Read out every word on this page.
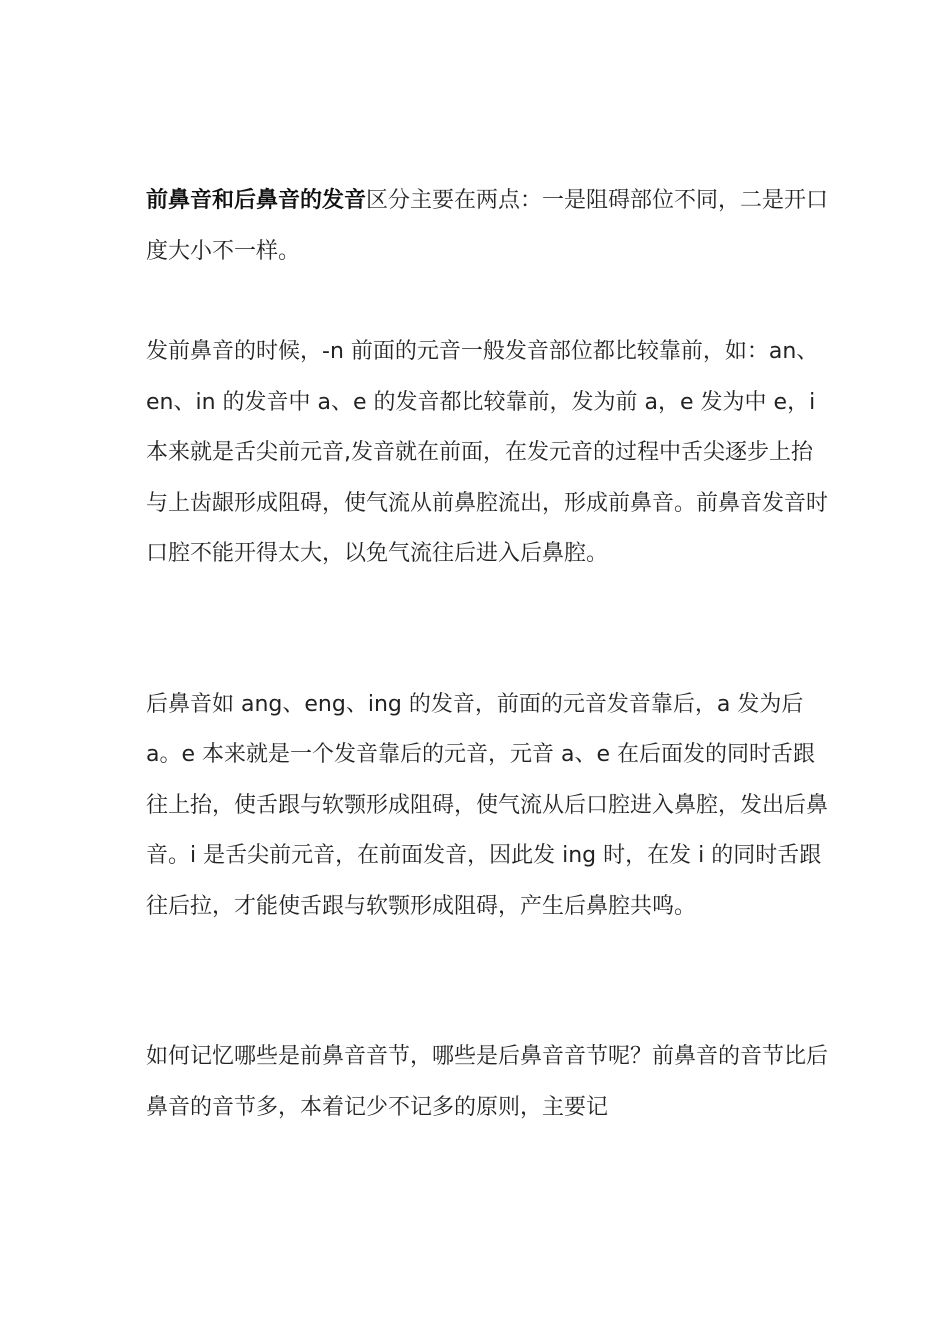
前鼻音和后鼻音的发音区分主要在两点：一是阻碍部位不同，二是开口度大小不一样。

发前鼻音的时候，-n 前面的元音一般发音部位都比较靠前，如：an、en、in 的发音中 a、e 的发音都比较靠前，发为前 a，e 发为中 e，i 本来就是舌尖前元音,发音就在前面，在发元音的过程中舌尖逐步上抬与上齿龈形成阻碍，使气流从前鼻腔流出，形成前鼻音。前鼻音发音时口腔不能开得太大，以免气流往后进入后鼻腔。

后鼻音如 ang、eng、ing 的发音，前面的元音发音靠后，a 发为后 a。e 本来就是一个发音靠后的元音，元音 a、e 在后面发的同时舌跟往上抬，使舌跟与软颚形成阻碍，使气流从后口腔进入鼻腔，发出后鼻音。i 是舌尖前元音，在前面发音，因此发 ing 时，在发 i 的同时舌跟往后拉，才能使舌跟与软颚形成阻碍，产生后鼻腔共鸣。

如何记忆哪些是前鼻音音节，哪些是后鼻音音节呢？前鼻音的音节比后鼻音的音节多，本着记少不记多的原则，主要记
